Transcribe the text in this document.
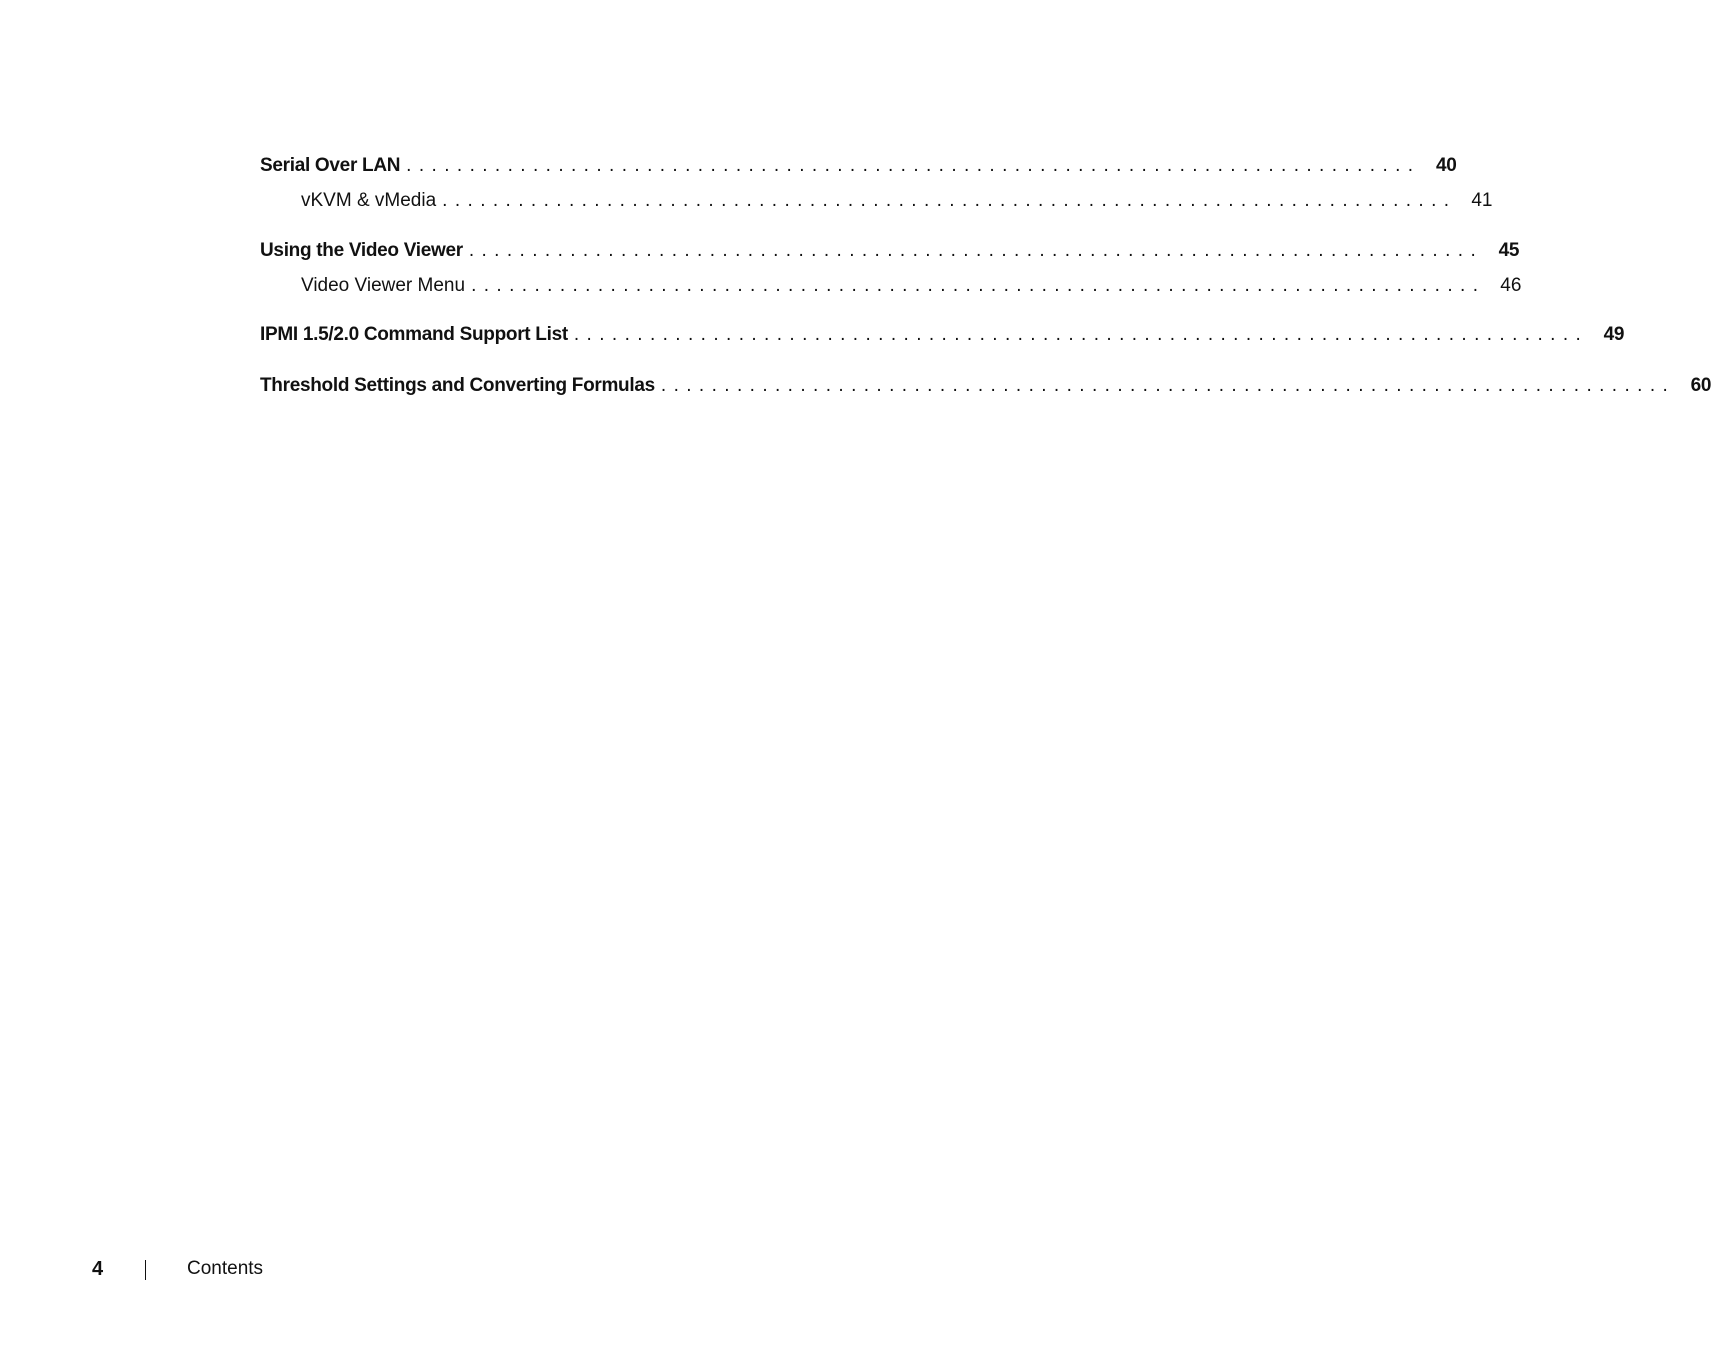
Serial Over LAN ................................................................................ 40
vKVM & vMedia ................................................................................ 41
Using the Video Viewer ................................................................................ 45
Video Viewer Menu ................................................................................ 46
IPMI 1.5/2.0 Command Support List ................................................................................ 49
Threshold Settings and Converting Formulas ................................................................................ 60
4	Contents
